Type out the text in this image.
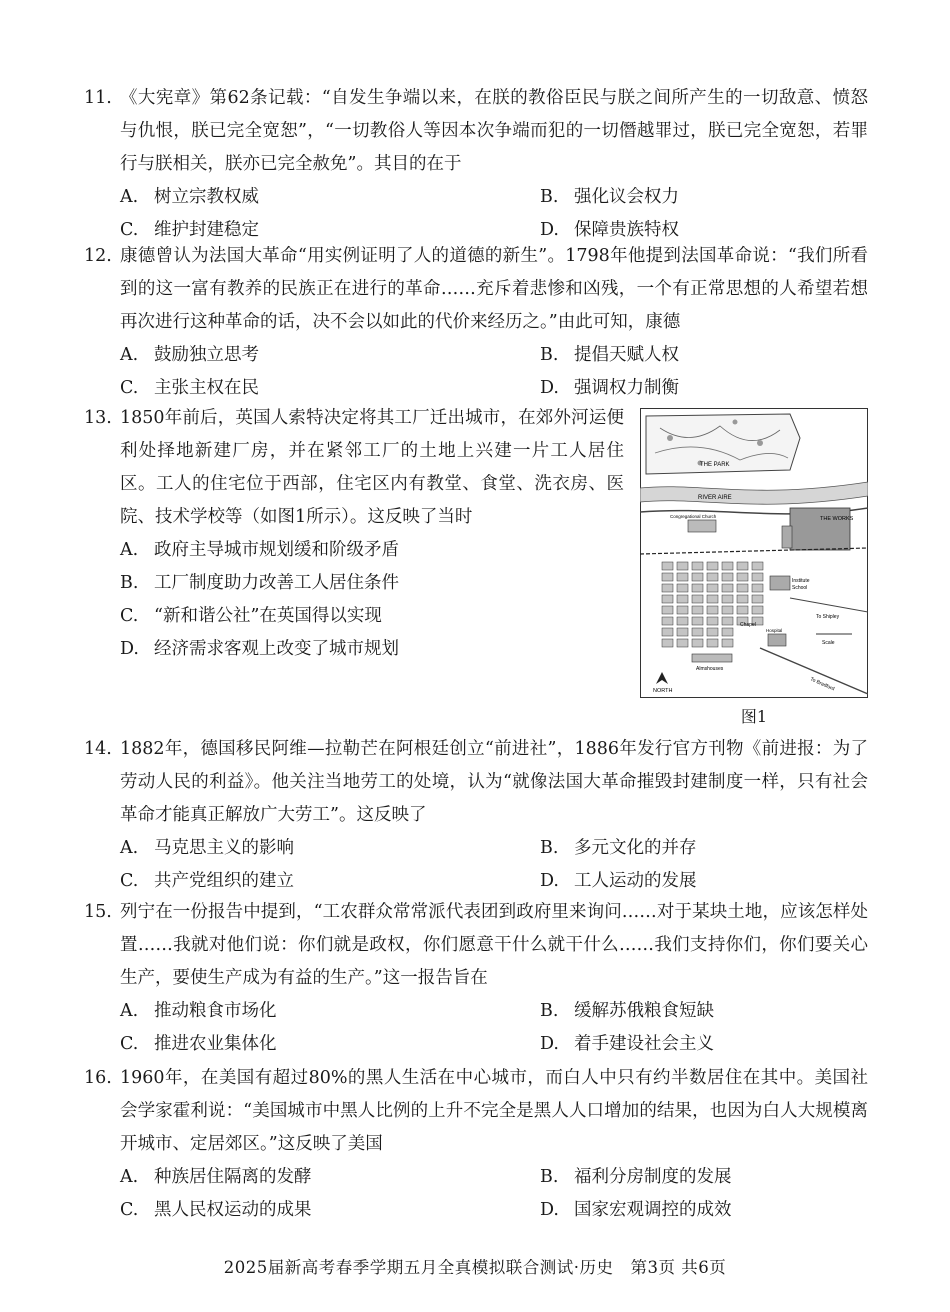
11. 《大宪章》第62条记载：“自发生争端以来，在朕的教俗臣民与朕之间所产生的一切敌意、愤怒与仇恨，朕已完全宽恕”，“一切教俗人等因本次争端而犯的一切僭越罪过，朕已完全宽恕，若罪行与朕相关，朕亦已完全赦免”。其目的在于
A. 树立宗教权威	B. 强化议会权力
C. 维护封建稳定	D. 保障贵族特权
12. 康德曾认为法国大革命“用实例证明了人的道德的新生”。1798年他提到法国革命说：“我们所看到的这一富有教养的民族正在进行的革命……充斥着悲惨和凶残，一个有正常思想的人希望若想再次进行这种革命的话，决不会以如此的代价来经历之。”由此可知，康德
A. 鼓励独立思考	B. 提倡天赋人权
C. 主张主权在民	D. 强调权力制衡
13. 1850年前后，英国人索特决定将其工厂迁出城市，在郊外河运便利处择地新建厂房，并在紧邻工厂的土地上兴建一片工人居住区。工人的住宅位于西部，住宅区内有教堂、食堂、洗衣房、医院、技术学校等（如图1所示）。这反映了当时
A. 政府主导城市规划缓和阶级矛盾
B. 工厂制度助力改善工人居住条件
C. “新和谐公社”在英国得以实现
D. 经济需求客观上改变了城市规划
THE PARK
RIVER AIRE
THE WORKS
Congregational Church
Institute
School
Chapel
Hospital
To Shipley
To Bradford
Almshouses
Scale
NORTH
图1
14. 1882年，德国移民阿维—拉勒芒在阿根廷创立“前进社”，1886年发行官方刊物《前进报：为了劳动人民的利益》。他关注当地劳工的处境，认为“就像法国大革命摧毁封建制度一样，只有社会革命才能真正解放广大劳工”。这反映了
A. 马克思主义的影响	B. 多元文化的并存
C. 共产党组织的建立	D. 工人运动的发展
15. 列宁在一份报告中提到，“工农群众常常派代表团到政府里来询问……对于某块土地，应该怎样处置……我就对他们说：你们就是政权，你们愿意干什么就干什么……我们支持你们，你们要关心生产，要使生产成为有益的生产。”这一报告旨在
A. 推动粮食市场化	B. 缓解苏俄粮食短缺
C. 推进农业集体化	D. 着手建设社会主义
16. 1960年，在美国有超过80%的黑人生活在中心城市，而白人中只有约半数居住在其中。美国社会学家霍利说：“美国城市中黑人比例的上升不完全是黑人人口增加的结果，也因为白人大规模离开城市、定居郊区。”这反映了美国
A. 种族居住隔离的发酵	B. 福利分房制度的发展
C. 黑人民权运动的成果	D. 国家宏观调控的成效
2025届新高考春季学期五月全真模拟联合测试·历史　第3页 共6页
